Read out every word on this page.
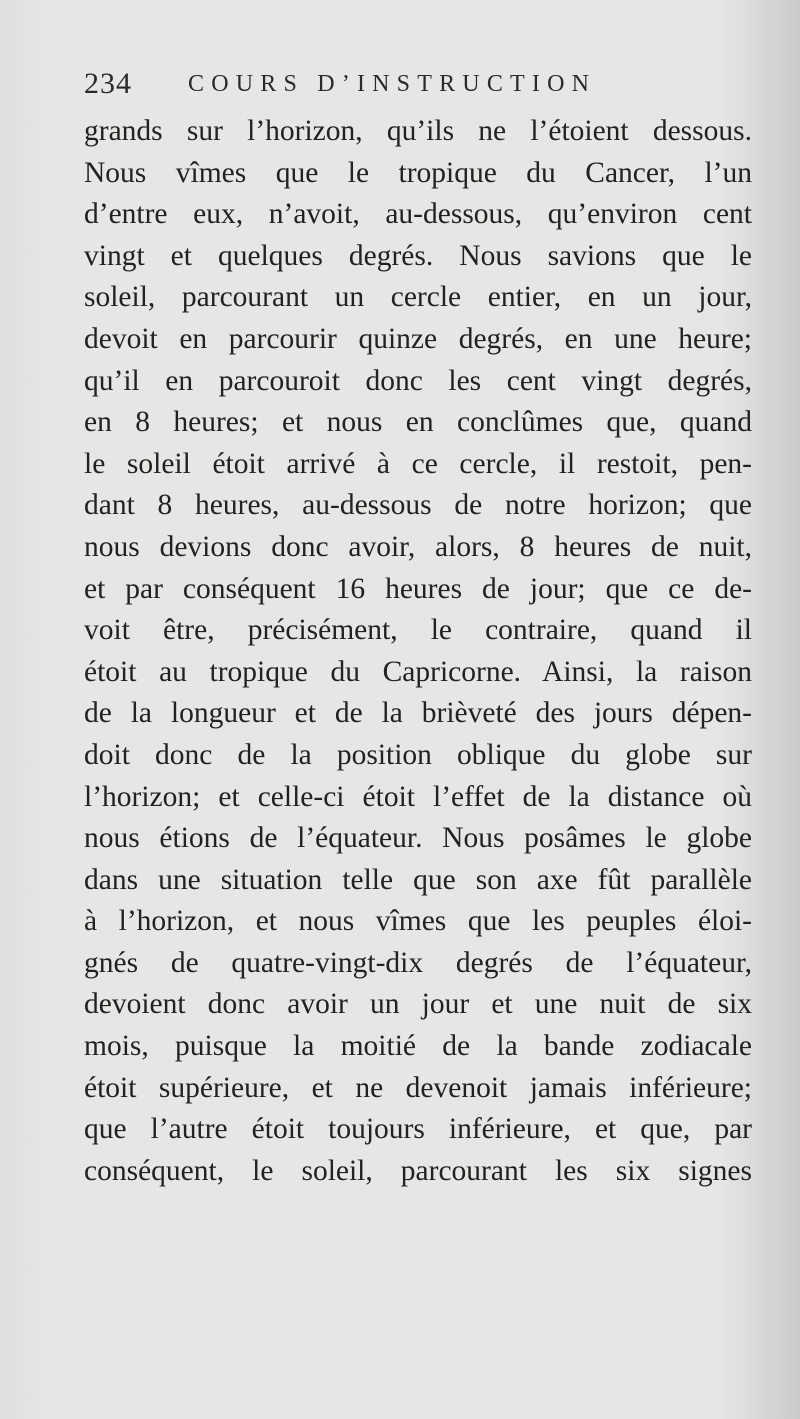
234 COURS D’INSTRUCTION
grands sur l’horizon, qu’ils ne l’étoient dessous.
Nous vîmes que le tropique du Cancer, l’un
d’entre eux, n’avoit, au-dessous, qu’environ cent
vingt et quelques degrés. Nous savions que le
soleil, parcourant un cercle entier, en un jour,
devoit en parcourir quinze degrés, en une heure;
qu’il en parcouroit donc les cent vingt degrés,
en 8 heures; et nous en conclûmes que, quand
le soleil étoit arrivé à ce cercle, il restoit, pen-
dant 8 heures, au-dessous de notre horizon; que
nous devions donc avoir, alors, 8 heures de nuit,
et par conséquent 16 heures de jour; que ce de-
voit être, précisément, le contraire, quand il
étoit au tropique du Capricorne. Ainsi, la raison
de la longueur et de la brièveté des jours dépen-
doit donc de la position oblique du globe sur
l’horizon; et celle-ci étoit l’effet de la distance où
nous étions de l’équateur. Nous posâmes le globe
dans une situation telle que son axe fût parallèle
à l’horizon, et nous vîmes que les peuples éloi-
gnés de quatre-vingt-dix degrés de l’équateur,
devoient donc avoir un jour et une nuit de six
mois, puisque la moitié de la bande zodiacale
étoit supérieure, et ne devenoit jamais inférieure;
que l’autre étoit toujours inférieure, et que, par
conséquent, le soleil, parcourant les six signes
